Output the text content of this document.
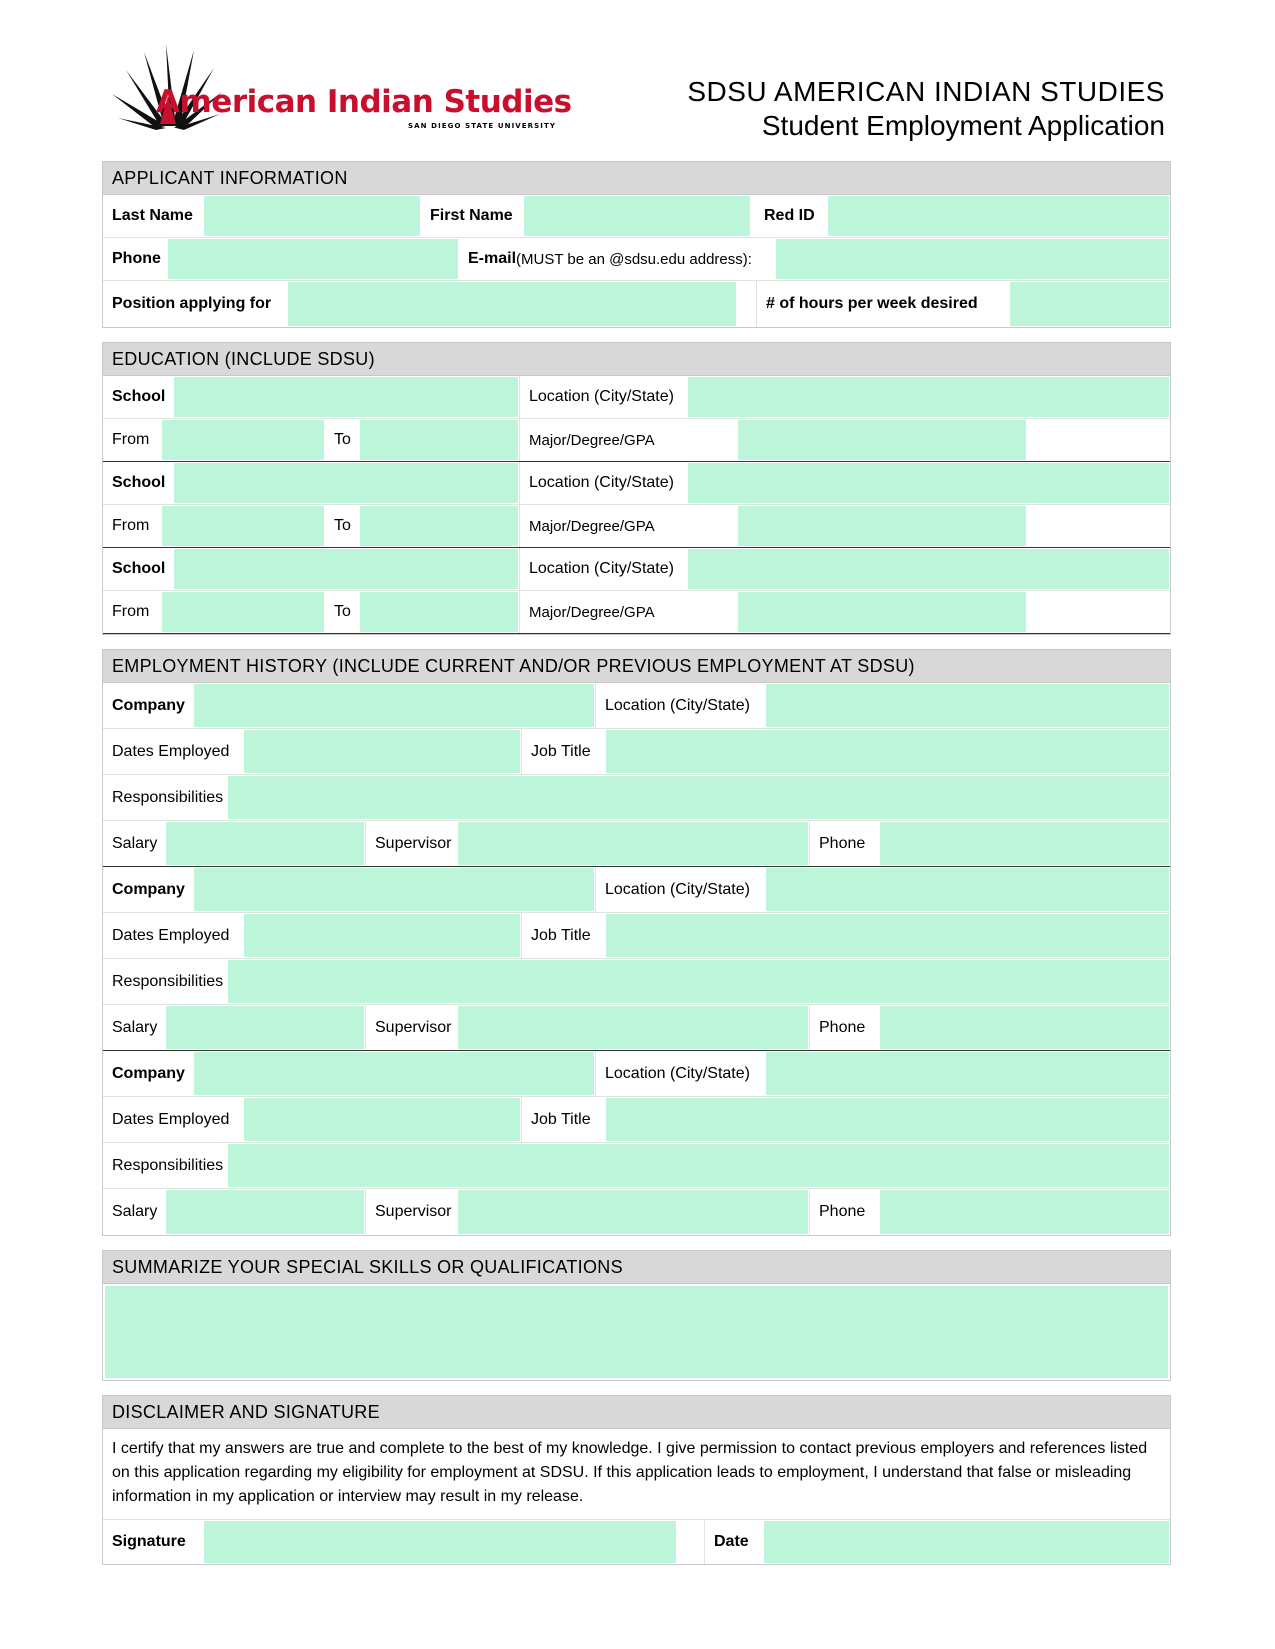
American Indian Studies
SAN DIEGO STATE UNIVERSITY
SDSU AMERICAN INDIAN STUDIES
Student Employment Application
APPLICANT INFORMATION
Last Name	First Name	Red ID
Phone	E-mail (MUST be an @sdsu.edu address):
Position applying for	# of hours per week desired
EDUCATION (INCLUDE SDSU)
School	Location (City/State)
From	To	Major/Degree/GPA
School	Location (City/State)
From	To	Major/Degree/GPA
School	Location (City/State)
From	To	Major/Degree/GPA
EMPLOYMENT HISTORY (INCLUDE CURRENT AND/OR PREVIOUS EMPLOYMENT AT SDSU)
Company	Location (City/State)
Dates Employed	Job Title
Responsibilities
Salary	Supervisor	Phone
Company	Location (City/State)
Dates Employed	Job Title
Responsibilities
Salary	Supervisor	Phone
Company	Location (City/State)
Dates Employed	Job Title
Responsibilities
Salary	Supervisor	Phone
SUMMARIZE YOUR SPECIAL SKILLS OR QUALIFICATIONS
DISCLAIMER AND SIGNATURE
I certify that my answers are true and complete to the best of my knowledge. I give permission to contact previous employers and references listed on this application regarding my eligibility for employment at SDSU. If this application leads to employment, I understand that false or misleading information in my application or interview may result in my release.
Signature	Date
